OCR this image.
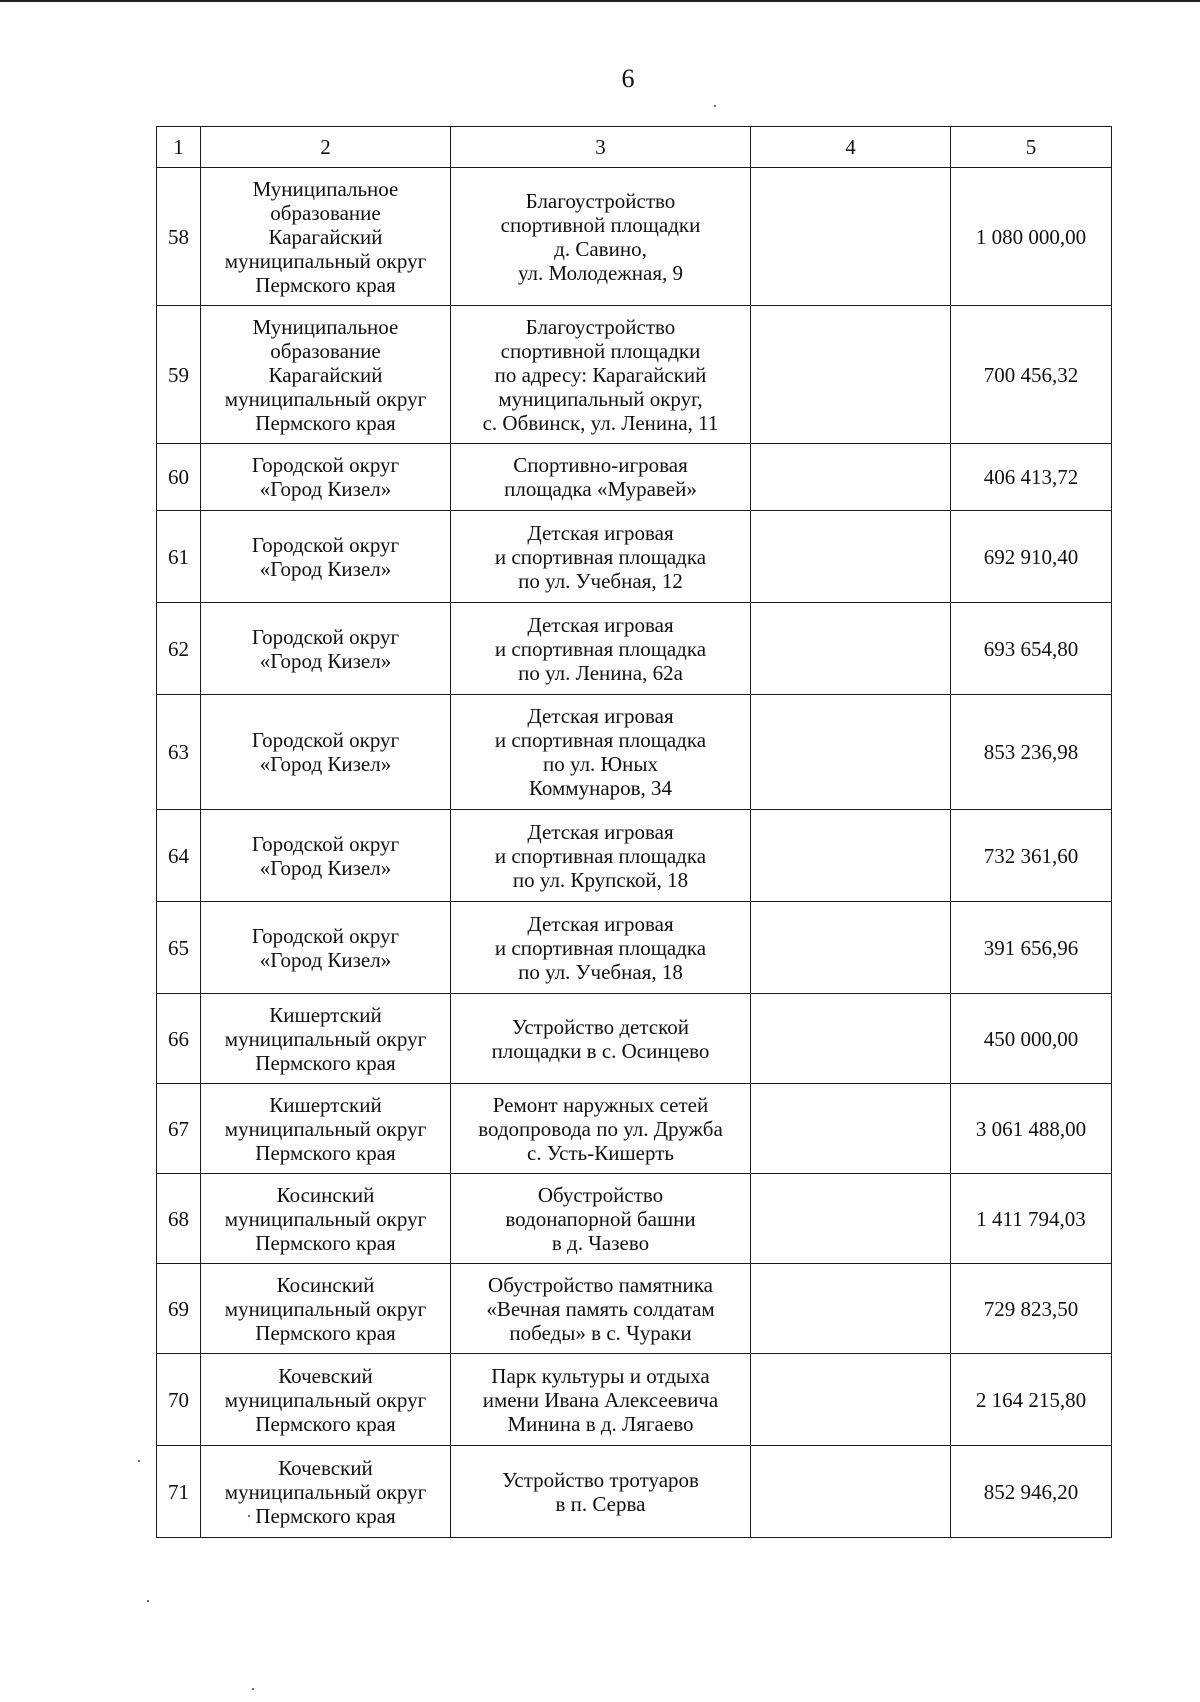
6
1	2	3	4	5
58	Муниципальное
образование
Карагайский
муниципальный округ
Пермского края	Благоустройство
спортивной площадки
д. Савино,
ул. Молодежная, 9		1 080 000,00
59	Муниципальное
образование
Карагайский
муниципальный округ
Пермского края	Благоустройство
спортивной площадки
по адресу: Карагайский
муниципальный округ,
с. Обвинск, ул. Ленина, 11		700 456,32
60	Городской округ
«Город Кизел»	Спортивно-игровая
площадка «Муравей»		406 413,72
61	Городской округ
«Город Кизел»	Детская игровая
и спортивная площадка
по ул. Учебная, 12		692 910,40
62	Городской округ
«Город Кизел»	Детская игровая
и спортивная площадка
по ул. Ленина, 62а		693 654,80
63	Городской округ
«Город Кизел»	Детская игровая
и спортивная площадка
по ул. Юных
Коммунаров, 34		853 236,98
64	Городской округ
«Город Кизел»	Детская игровая
и спортивная площадка
по ул. Крупской, 18		732 361,60
65	Городской округ
«Город Кизел»	Детская игровая
и спортивная площадка
по ул. Учебная, 18		391 656,96
66	Кишертский
муниципальный округ
Пермского края	Устройство детской
площадки в с. Осинцево		450 000,00
67	Кишертский
муниципальный округ
Пермского края	Ремонт наружных сетей
водопровода по ул. Дружба
с. Усть-Кишерть		3 061 488,00
68	Косинский
муниципальный округ
Пермского края	Обустройство
водонапорной башни
в д. Чазево		1 411 794,03
69	Косинский
муниципальный округ
Пермского края	Обустройство памятника
«Вечная память солдатам
победы» в с. Чураки		729 823,50
70	Кочевский
муниципальный округ
Пермского края	Парк культуры и отдыха
имени Ивана Алексеевича
Минина в д. Лягаево		2 164 215,80
71	Кочевский
муниципальный округ
Пермского края	Устройство тротуаров
в п. Серва		852 946,20
